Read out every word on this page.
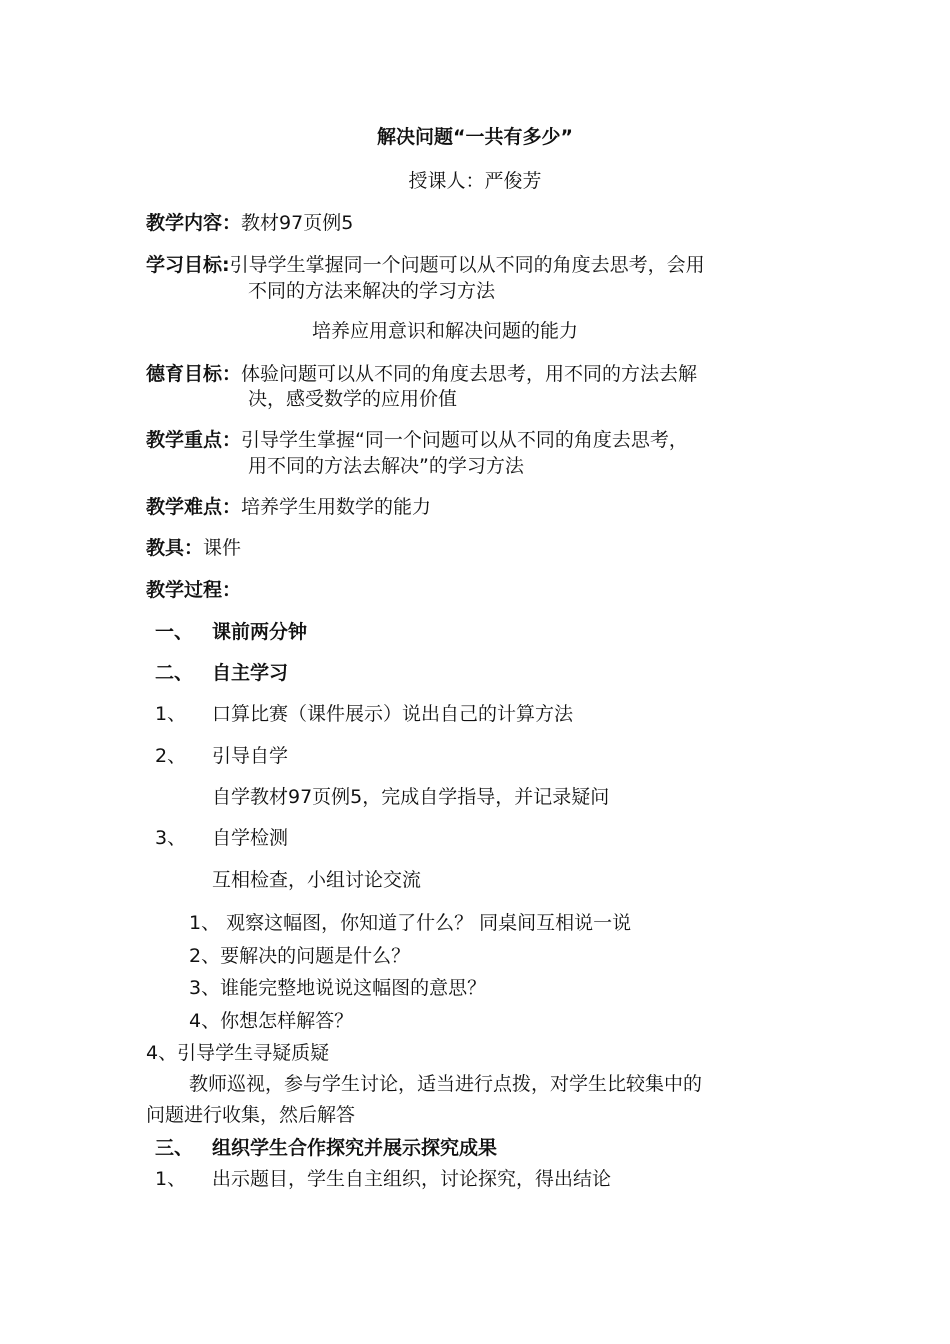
解决问题“一共有多少”
授课人：严俊芳
教学内容：教材97页例5
学习目标:引导学生掌握同一个问题可以从不同的角度去思考，会用
不同的方法来解决的学习方法
培养应用意识和解决问题的能力
德育目标：体验问题可以从不同的角度去思考，用不同的方法去解
决，感受数学的应用价值
教学重点：引导学生掌握“同一个问题可以从不同的角度去思考，
用不同的方法去解决”的学习方法
教学难点：培养学生用数学的能力
教具：课件
教学过程：
一、 课前两分钟
二、 自主学习
1、 口算比赛（课件展示）说出自己的计算方法
2、 引导自学
自学教材97页例5，完成自学指导，并记录疑问
3、 自学检测
互相检查，小组讨论交流
1、 观察这幅图，你知道了什么？ 同桌间互相说一说
2、要解决的问题是什么？
3、谁能完整地说说这幅图的意思？
4、你想怎样解答？
4、引导学生寻疑质疑
教师巡视，参与学生讨论，适当进行点拨，对学生比较集中的
问题进行收集，然后解答
三、 组织学生合作探究并展示探究成果
1、 出示题目，学生自主组织，讨论探究，得出结论
